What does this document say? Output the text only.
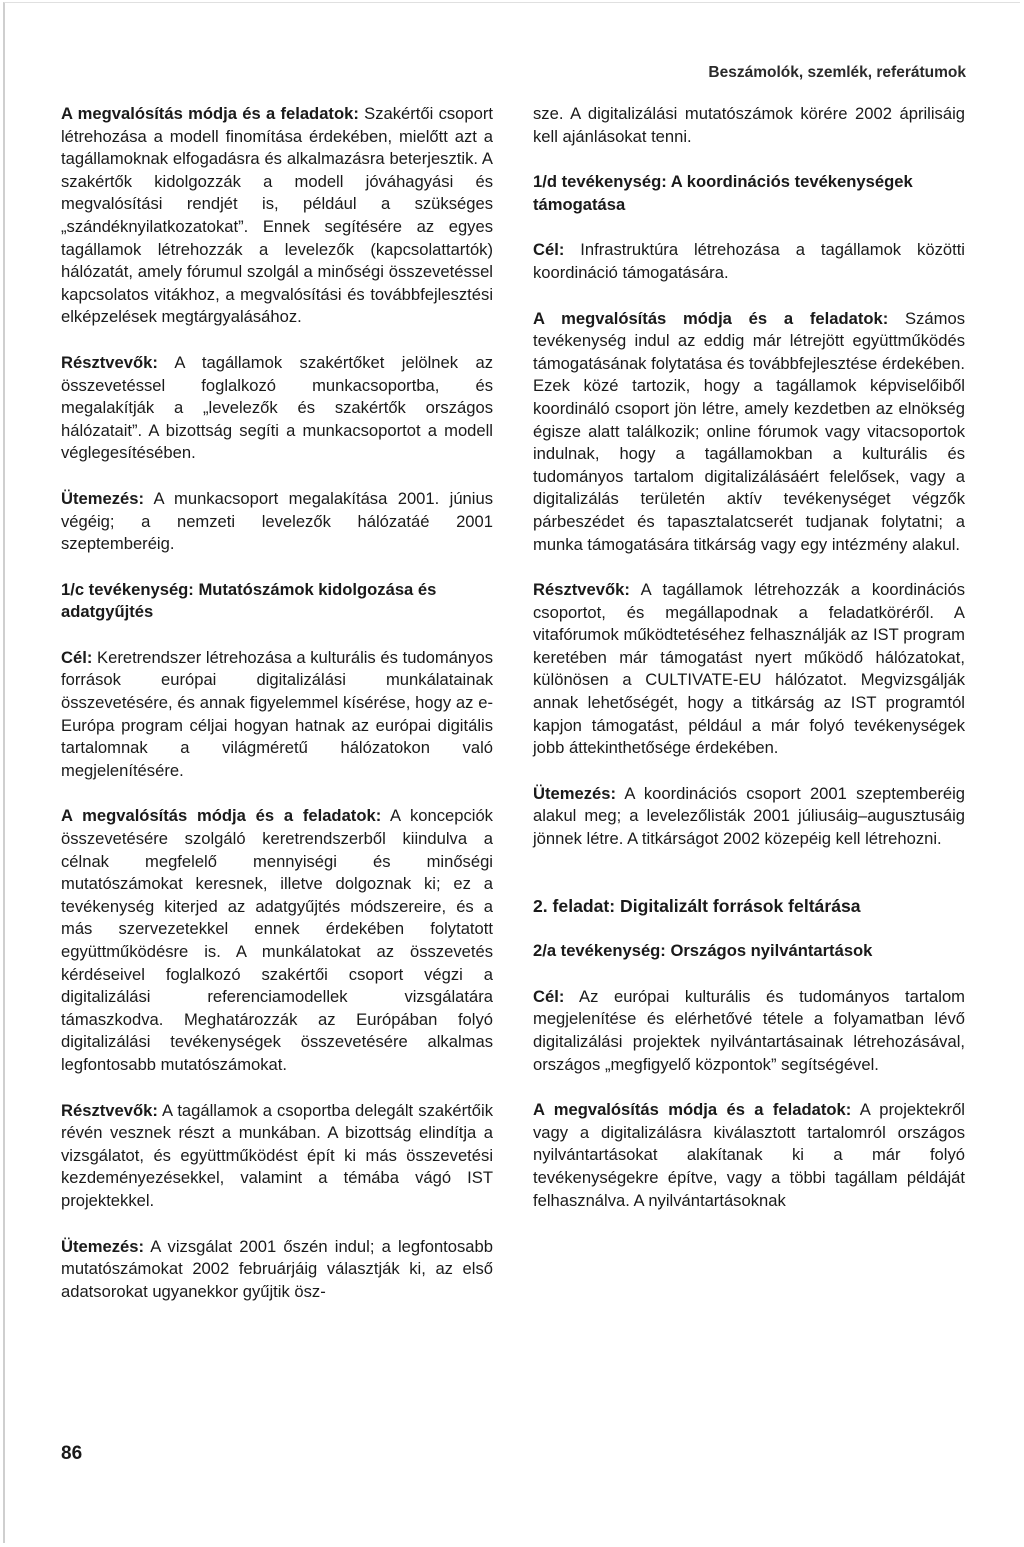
Beszámolók, szemlék, referátumok

A megvalósítás módja és a feladatok: Szakértői csoport létrehozása a modell finomítása érdekében, mielőtt azt a tagállamoknak elfogadásra és alkalmazásra beterjesztik. A szakértők kidolgozzák a modell jóváhagyási és megvalósítási rendjét is, például a szükséges „szándéknyilatkozatokat”. Ennek segítésére az egyes tagállamok létrehozzák a levelezők (kapcsolattartók) hálózatát, amely fórumul szolgál a minőségi összevetéssel kapcsolatos vitákhoz, a megvalósítási és továbbfejlesztési elképzelések megtárgyalásához.

Résztvevők: A tagállamok szakértőket jelölnek az összevetéssel foglalkozó munkacsoportba, és megalakítják a „levelezők és szakértők országos hálózatait”. A bizottság segíti a munkacsoportot a modell véglegesítésében.

Ütemezés: A munkacsoport megalakítása 2001. június végéig; a nemzeti levelezők hálózatáé 2001 szeptemberéig.

1/c tevékenység: Mutatószámok kidolgozása és adatgyűjtés

Cél: Keretrendszer létrehozása a kulturális és tudományos források európai digitalizálási munkálatainak összevetésére, és annak figyelemmel kísérése, hogy az e-Európa program céljai hogyan hatnak az európai digitális tartalomnak a világméretű hálózatokon való megjelenítésére.

A megvalósítás módja és a feladatok: A koncepciók összevetésére szolgáló keretrendszerből kiindulva a célnak megfelelő mennyiségi és minőségi mutatószámokat keresnek, illetve dolgoznak ki; ez a tevékenység kiterjed az adatgyűjtés módszereire, és a más szervezetekkel ennek érdekében folytatott együttműködésre is. A munkálatokat az összevetés kérdéseivel foglalkozó szakértői csoport végzi a digitalizálási referenciamodellek vizsgálatára támaszkodva. Meghatározzák az Európában folyó digitalizálási tevékenységek összevetésére alkalmas legfontosabb mutatószámokat.

Résztvevők: A tagállamok a csoportba delegált szakértőik révén vesznek részt a munkában. A bizottság elindítja a vizsgálatot, és együttműködést épít ki más összevetési kezdeményezésekkel, valamint a témába vágó IST projektekkel.

Ütemezés: A vizsgálat 2001 őszén indul; a legfontosabb mutatószámokat 2002 februárjáig választják ki, az első adatsorokat ugyanekkor gyűjtik ösz-

sze. A digitalizálási mutatószámok körére 2002 áprilisáig kell ajánlásokat tenni.

1/d tevékenység: A koordinációs tevékenységek támogatása

Cél: Infrastruktúra létrehozása a tagállamok közötti koordináció támogatására.

A megvalósítás módja és a feladatok: Számos tevékenység indul az eddig már létrejött együttműködés támogatásának folytatása és továbbfejlesztése érdekében. Ezek közé tartozik, hogy a tagállamok képviselőiből koordináló csoport jön létre, amely kezdetben az elnökség égisze alatt találkozik; online fórumok vagy vitacsoportok indulnak, hogy a tagállamokban a kulturális és tudományos tartalom digitalizálásáért felelősek, vagy a digitalizálás területén aktív tevékenységet végzők párbeszédet és tapasztalatcserét tudjanak folytatni; a munka támogatására titkárság vagy egy intézmény alakul.

Résztvevők: A tagállamok létrehozzák a koordinációs csoportot, és megállapodnak a feladatköréről. A vitafórumok működtetéséhez felhasználják az IST program keretében már támogatást nyert működő hálózatokat, különösen a CULTIVATE-EU hálózatot. Megvizsgálják annak lehetőségét, hogy a titkárság az IST programtól kapjon támogatást, például a már folyó tevékenységek jobb áttekinthetősége érdekében.

Ütemezés: A koordinációs csoport 2001 szeptemberéig alakul meg; a levelezőlisták 2001 júliusáig–augusztusáig jönnek létre. A titkárságot 2002 közepéig kell létrehozni.

2. feladat: Digitalizált források feltárása

2/a tevékenység: Országos nyilvántartások

Cél: Az európai kulturális és tudományos tartalom megjelenítése és elérhetővé tétele a folyamatban lévő digitalizálási projektek nyilvántartásainak létrehozásával, országos „megfigyelő központok” segítségével.

A megvalósítás módja és a feladatok: A projektekről vagy a digitalizálásra kiválasztott tartalomról országos nyilvántartásokat alakítanak ki a már folyó tevékenységekre építve, vagy a többi tagállam példáját felhasználva. A nyilvántartásoknak

86
